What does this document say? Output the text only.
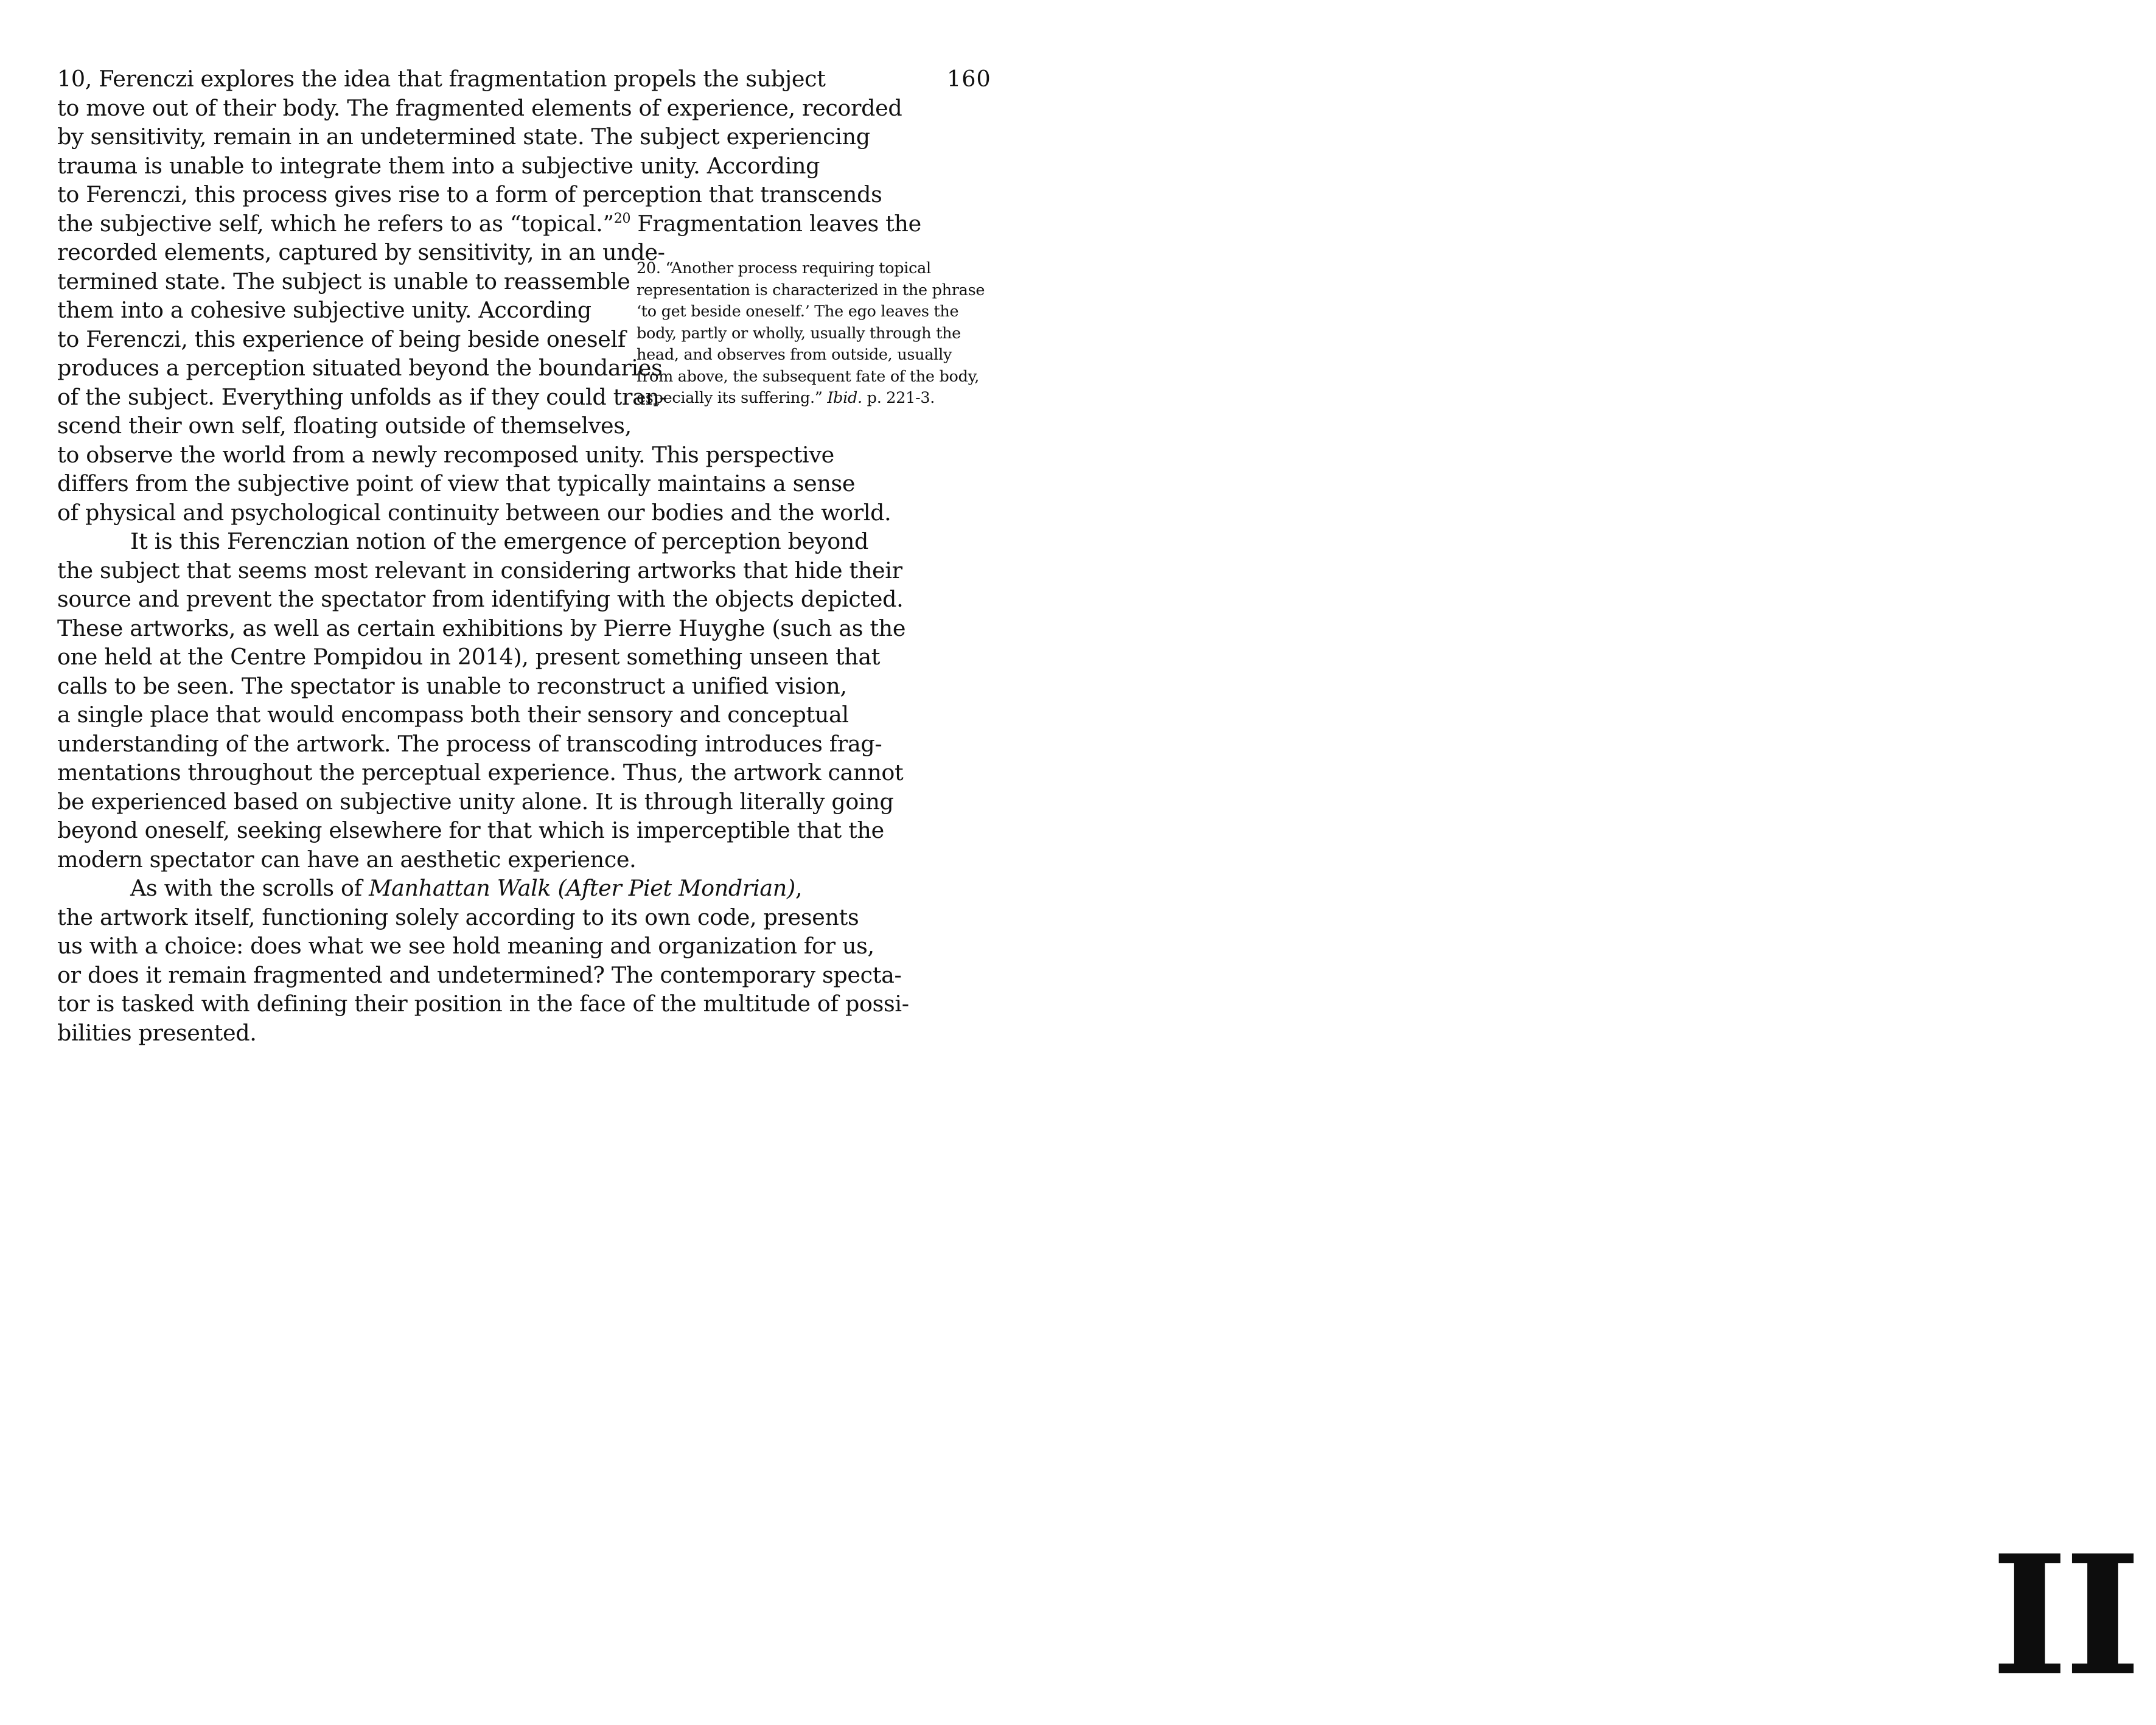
10, Ferenczi explores the idea that fragmentation propels the subject
to move out of their body. The fragmented elements of experience, recorded
by sensitivity, remain in an undetermined state. The subject experiencing
trauma is unable to integrate them into a subjective unity. According
to Ferenczi, this process gives rise to a form of perception that transcends
the subjective self, which he refers to as “topical.”$^{20}$ Fragmentation leaves the
recorded elements, captured by sensitivity, in an unde-
termined state. The subject is unable to reassemble
them into a cohesive subjective unity. According
to Ferenczi, this experience of being beside oneself
produces a perception situated beyond the boundaries
of the subject. Everything unfolds as if they could tran-
scend their own self, floating outside of themselves,
to observe the world from a newly recomposed unity. This perspective
differs from the subjective point of view that typically maintains a sense
of physical and psychological continuity between our bodies and the world.
It is this Ferenczian notion of the emergence of perception beyond
the subject that seems most relevant in considering artworks that hide their
source and prevent the spectator from identifying with the objects depicted.
These artworks, as well as certain exhibitions by Pierre Huyghe (such as the
one held at the Centre Pompidou in 2014), present something unseen that
calls to be seen. The spectator is unable to reconstruct a unified vision,
a single place that would encompass both their sensory and conceptual
understanding of the artwork. The process of transcoding introduces frag-
mentations throughout the perceptual experience. Thus, the artwork cannot
be experienced based on subjective unity alone. It is through literally going
beyond oneself, seeking elsewhere for that which is imperceptible that the
modern spectator can have an aesthetic experience.
As with the scrolls of Manhattan Walk (After Piet Mondrian),
the artwork itself, functioning solely according to its own code, presents
us with a choice: does what we see hold meaning and organization for us,
or does it remain fragmented and undetermined? The contemporary specta-
tor is tasked with defining their position in the face of the multitude of possi-
bilities presented.
160
20. “Another process requiring topical
representation is characterized in the phrase
‘to get beside oneself.’ The ego leaves the
body, partly or wholly, usually through the
head, and observes from outside, usually
from above, the subsequent fate of the body,
especially its suffering.” Ibid. p. 221-3.
II
